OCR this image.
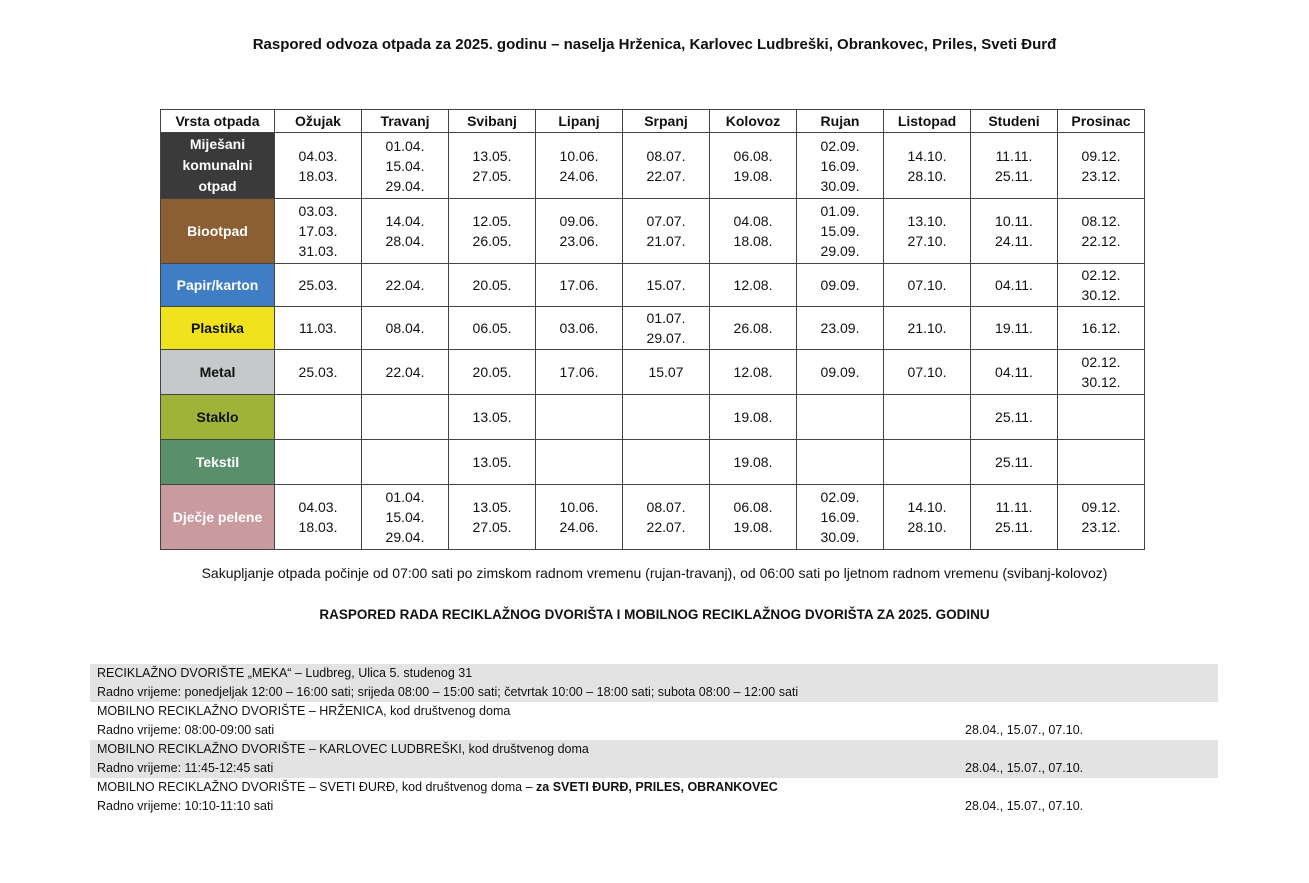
Raspored odvoza otpada za 2025. godinu – naselja Hrženica, Karlovec Ludbreški, Obrankovec, Priles, Sveti Đurđ
Vrsta otpada	Ožujak	Travanj	Svibanj	Lipanj	Srpanj	Kolovoz	Rujan	Listopad	Studeni	Prosinac
Miješani komunalni otpad	04.03. 18.03.	01.04. 15.04. 29.04.	13.05. 27.05.	10.06. 24.06.	08.07. 22.07.	06.08. 19.08.	02.09. 16.09. 30.09.	14.10. 28.10.	11.11. 25.11.	09.12. 23.12.
Biootpad	03.03. 17.03. 31.03.	14.04. 28.04.	12.05. 26.05.	09.06. 23.06.	07.07. 21.07.	04.08. 18.08.	01.09. 15.09. 29.09.	13.10. 27.10.	10.11. 24.11.	08.12. 22.12.
Papir/karton	25.03.	22.04.	20.05.	17.06.	15.07.	12.08.	09.09.	07.10.	04.11.	02.12. 30.12.
Plastika	11.03.	08.04.	06.05.	03.06.	01.07. 29.07.	26.08.	23.09.	21.10.	19.11.	16.12.
Metal	25.03.	22.04.	20.05.	17.06.	15.07	12.08.	09.09.	07.10.	04.11.	02.12. 30.12.
Staklo			13.05.			19.08.			25.11.	
Tekstil			13.05.			19.08.			25.11.	
Dječje pelene	04.03. 18.03.	01.04. 15.04. 29.04.	13.05. 27.05.	10.06. 24.06.	08.07. 22.07.	06.08. 19.08.	02.09. 16.09. 30.09.	14.10. 28.10.	11.11. 25.11.	09.12. 23.12.
Sakupljanje otpada počinje od 07:00 sati po zimskom radnom vremenu (rujan-travanj), od 06:00 sati po ljetnom radnom vremenu (svibanj-kolovoz)
RASPORED RADA RECIKLAŽNOG DVORIŠTA I MOBILNOG RECIKLAŽNOG DVORIŠTA ZA 2025. GODINU
RECIKLAŽNO DVORIŠTE „MEKA“ – Ludbreg, Ulica 5. studenog 31
Radno vrijeme: ponedjeljak 12:00 – 16:00 sati; srijeda 08:00 – 15:00 sati; četvrtak 10:00 – 18:00 sati; subota 08:00 – 12:00 sati
MOBILNO RECIKLAŽNO DVORIŠTE – HRŽENICA, kod društvenog doma
Radno vrijeme: 08:00-09:00 sati	28.04., 15.07., 07.10.
MOBILNO RECIKLAŽNO DVORIŠTE – KARLOVEC LUDBREŠKI, kod društvenog doma
Radno vrijeme: 11:45-12:45 sati	28.04., 15.07., 07.10.
MOBILNO RECIKLAŽNO DVORIŠTE – SVETI ĐURĐ, kod društvenog doma – za SVETI ĐURĐ, PRILES, OBRANKOVEC
Radno vrijeme: 10:10-11:10 sati	28.04., 15.07., 07.10.
